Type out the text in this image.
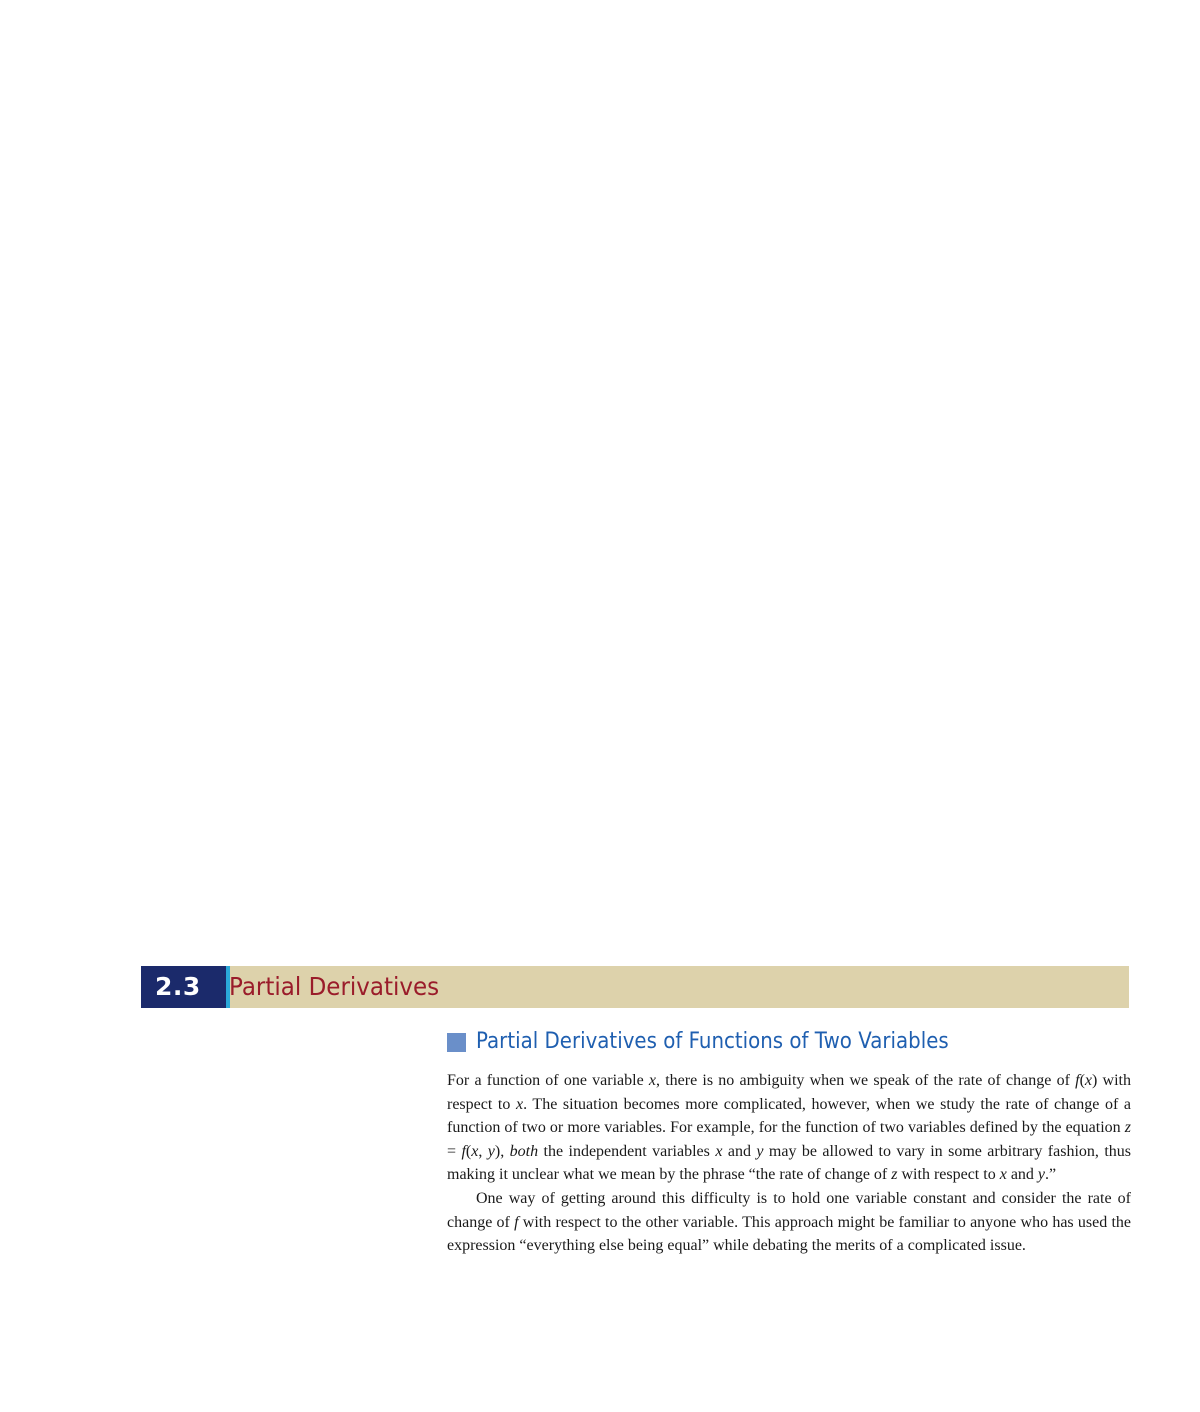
2.3 Partial Derivatives
Partial Derivatives of Functions of Two Variables

For a function of one variable x, there is no ambiguity when we speak of the rate of change of f(x) with respect to x. The situation becomes more complicated, however, when we study the rate of change of a function of two or more variables. For example, for the function of two variables defined by the equation z = f(x, y), both the independent variables x and y may be allowed to vary in some arbitrary fashion, thus making it unclear what we mean by the phrase “the rate of change of z with respect to x and y.”

One way of getting around this difficulty is to hold one variable constant and consider the rate of change of f with respect to the other variable. This approach might be familiar to anyone who has used the expression “everything else being equal” while debating the merits of a complicated issue.
